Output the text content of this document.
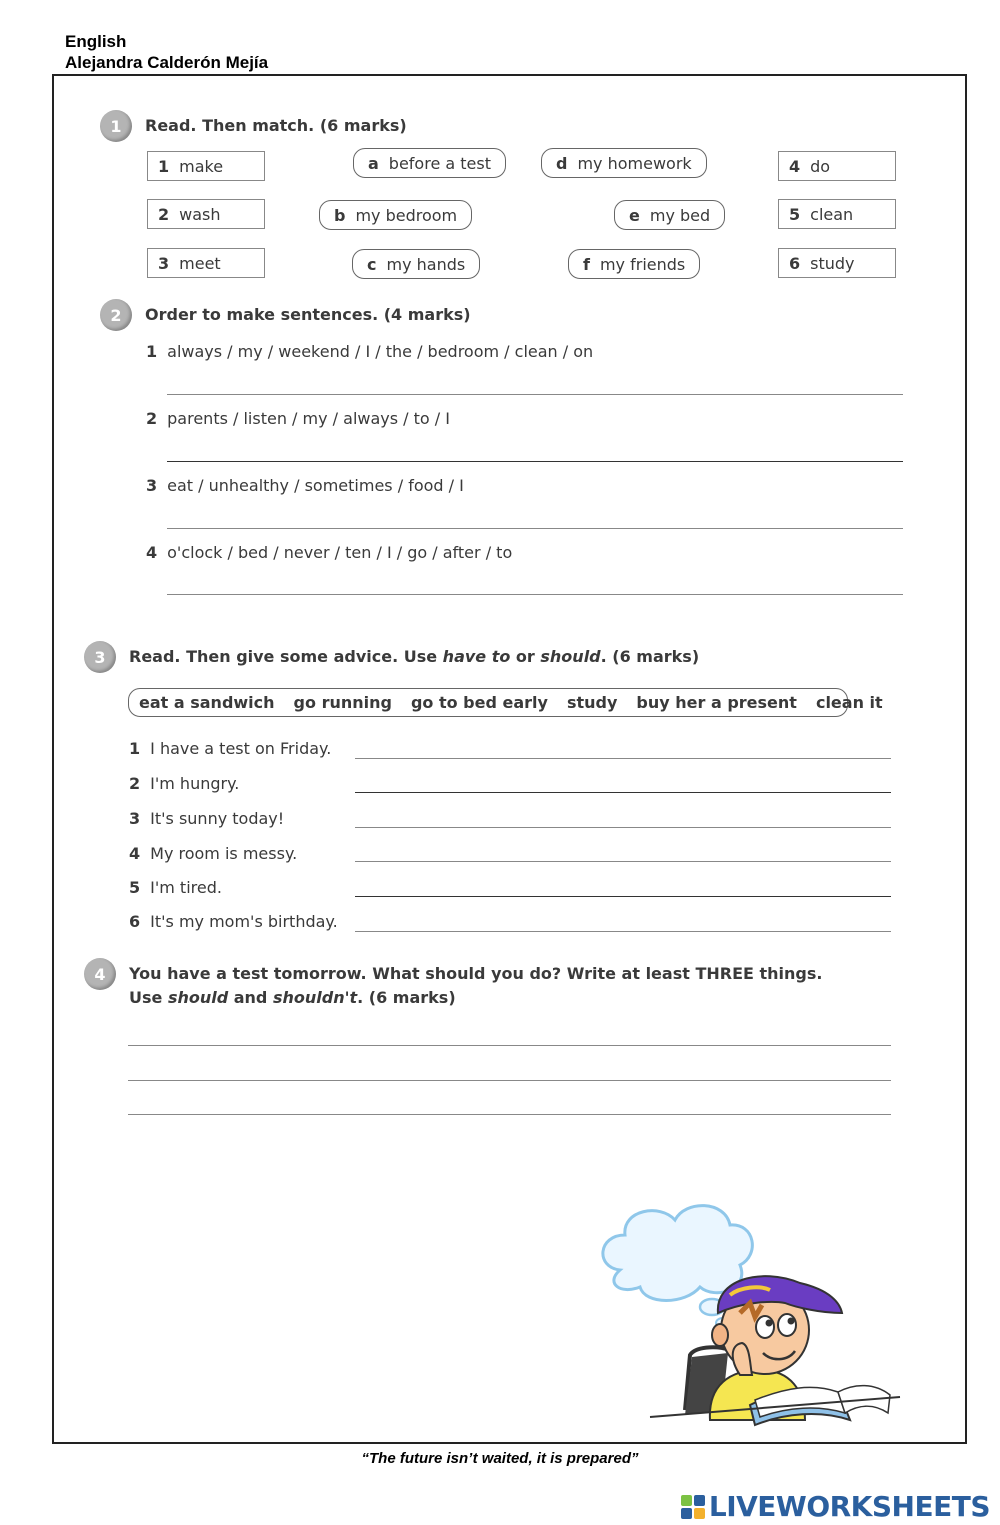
English
Alejandra Calderón Mejía
1	Read. Then match. (6 marks)
1 make
2 wash
3 meet
4 do
5 clean
6 study
a before a test	d my homework
b my bedroom	e my bed
c my hands	f my friends
2	Order to make sentences. (4 marks)
1 always / my / weekend / I / the / bedroom / clean / on
2 parents / listen / my / always / to / I
3 eat / unhealthy / sometimes / food / I
4 o'clock / bed / never / ten / I / go / after / to
3	Read. Then give some advice. Use have to or should. (6 marks)
eat a sandwich go running go to bed early study buy her a present clean it
1 I have a test on Friday.
2 I'm hungry.
3 It's sunny today!
4 My room is messy.
5 I'm tired.
6 It's my mom's birthday.
4	You have a test tomorrow. What should you do? Write at least THREE things.
Use should and shouldn't. (6 marks)
“The future isn’t waited, it is prepared”
LIVEWORKSHEETS
